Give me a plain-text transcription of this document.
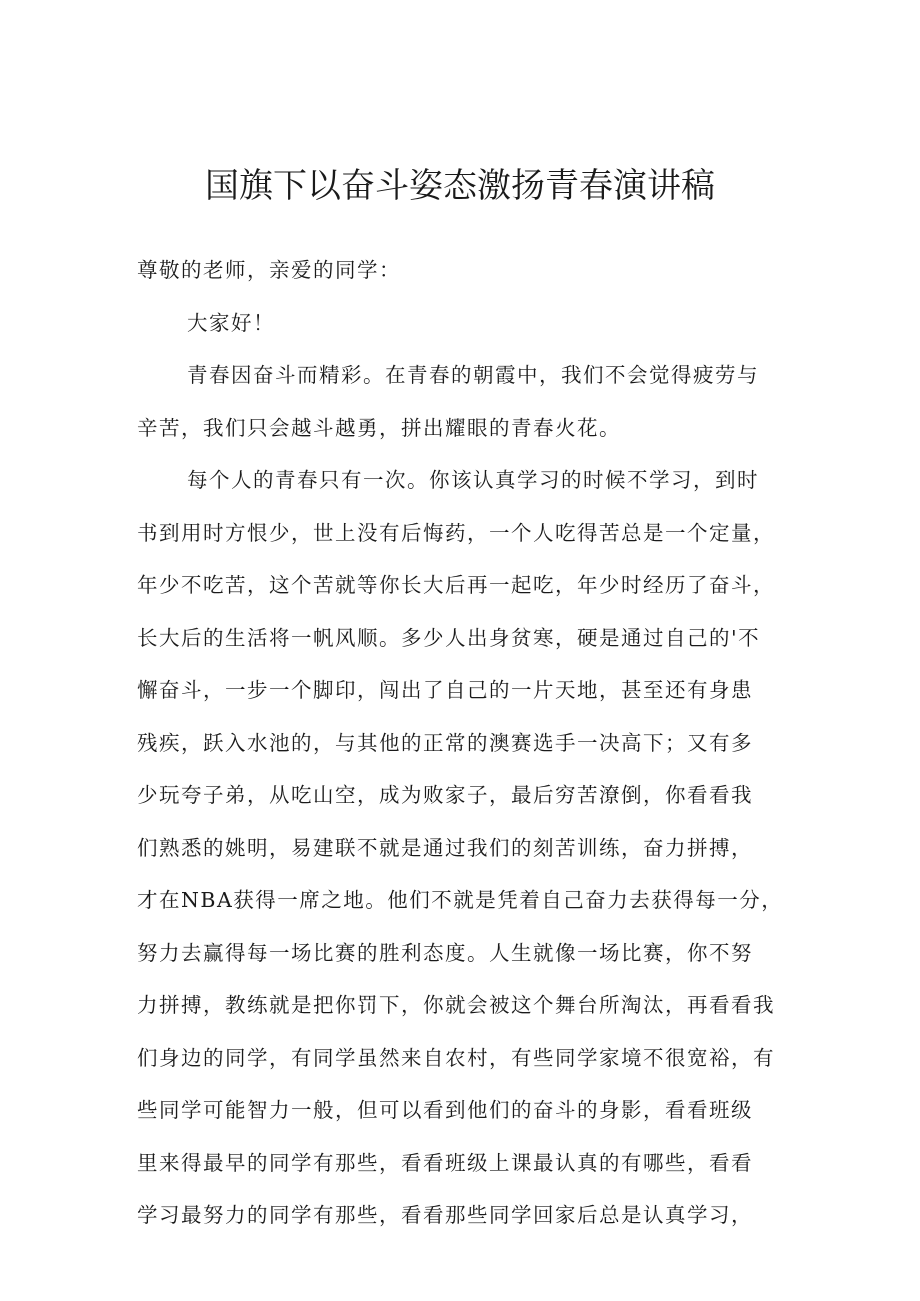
国旗下以奋斗姿态激扬青春演讲稿

尊敬的老师，亲爱的同学：

大家好！

青春因奋斗而精彩。在青春的朝霞中，我们不会觉得疲劳与

辛苦，我们只会越斗越勇，拼出耀眼的青春火花。

每个人的青春只有一次。你该认真学习的时候不学习，到时

书到用时方恨少，世上没有后悔药，一个人吃得苦总是一个定量，

年少不吃苦，这个苦就等你长大后再一起吃，年少时经历了奋斗，

长大后的生活将一帆风顺。多少人出身贫寒，硬是通过自己的'不

懈奋斗，一步一个脚印，闯出了自己的一片天地，甚至还有身患

残疾，跃入水池的，与其他的正常的澳赛选手一决高下；又有多

少玩夸子弟，从吃山空，成为败家子，最后穷苦潦倒，你看看我

们熟悉的姚明，易建联不就是通过我们的刻苦训练，奋力拼搏，

才在NBA获得一席之地。他们不就是凭着自己奋力去获得每一分，

努力去赢得每一场比赛的胜利态度。人生就像一场比赛，你不努

力拼搏，教练就是把你罚下，你就会被这个舞台所淘汰，再看看我

们身边的同学，有同学虽然来自农村，有些同学家境不很宽裕，有

些同学可能智力一般，但可以看到他们的奋斗的身影，看看班级

里来得最早的同学有那些，看看班级上课最认真的有哪些，看看

学习最努力的同学有那些，看看那些同学回家后总是认真学习，
